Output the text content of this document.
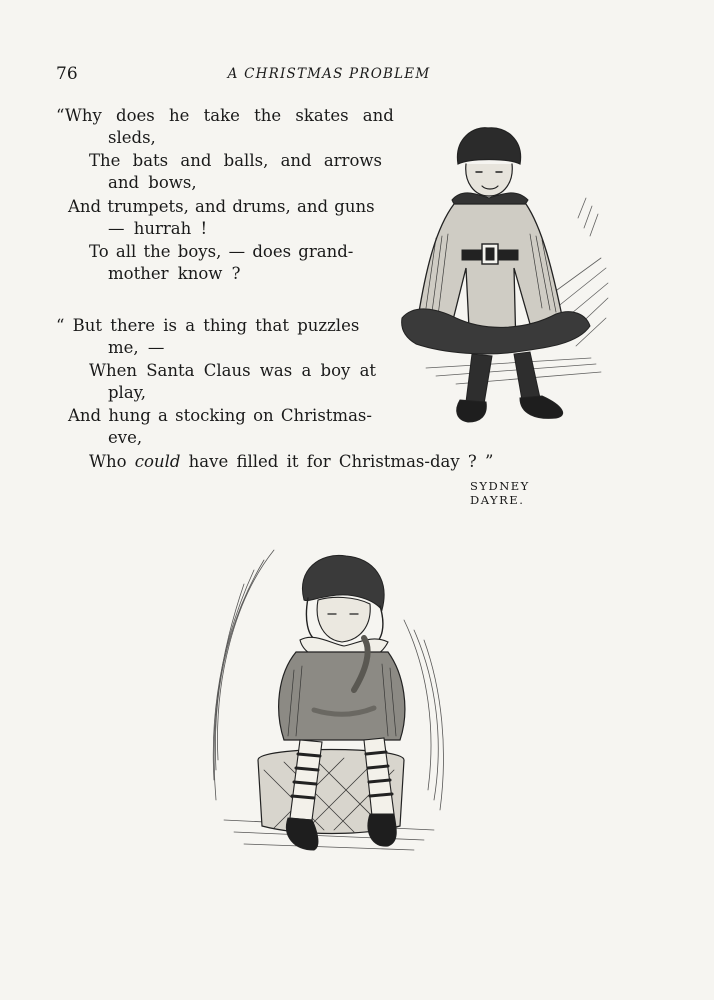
76	A CHRISTMAS PROBLEM
“Why does he take the skates and
sleds,
The bats and balls, and arrows
and bows,
And trumpets, and drums, and guns
— hurrah !
To all the boys, — does grand-
mother know ?
“ But there is a thing that puzzles
me, —
When Santa Claus was a boy at
play,
And hung a stocking on Christmas-
eve,
Who could have filled it for Christmas-day ? ”
SYDNEY DAYRE.
